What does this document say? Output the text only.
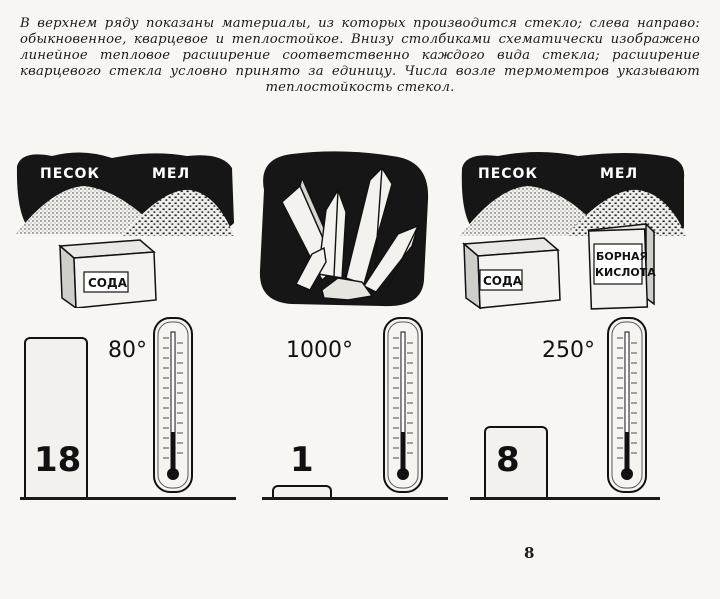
В верхнем ряду показаны материалы, из которых производится стекло; слева направо: обыкновенное, кварцевое и теплостойкое. Внизу столбиками схематически изображено линейное тепловое расширение соответственно каждого вида стекла; расширение кварцевого стекла условно принято за единицу. Числа возле термометров указывают теплостойкость стекол.
ПЕСОК	МЕЛ
СОДА
80°
18
1000°
1
ПЕСОК	МЕЛ
СОДА
БОРНАЯ
КИСЛОТА
250°
8
8
